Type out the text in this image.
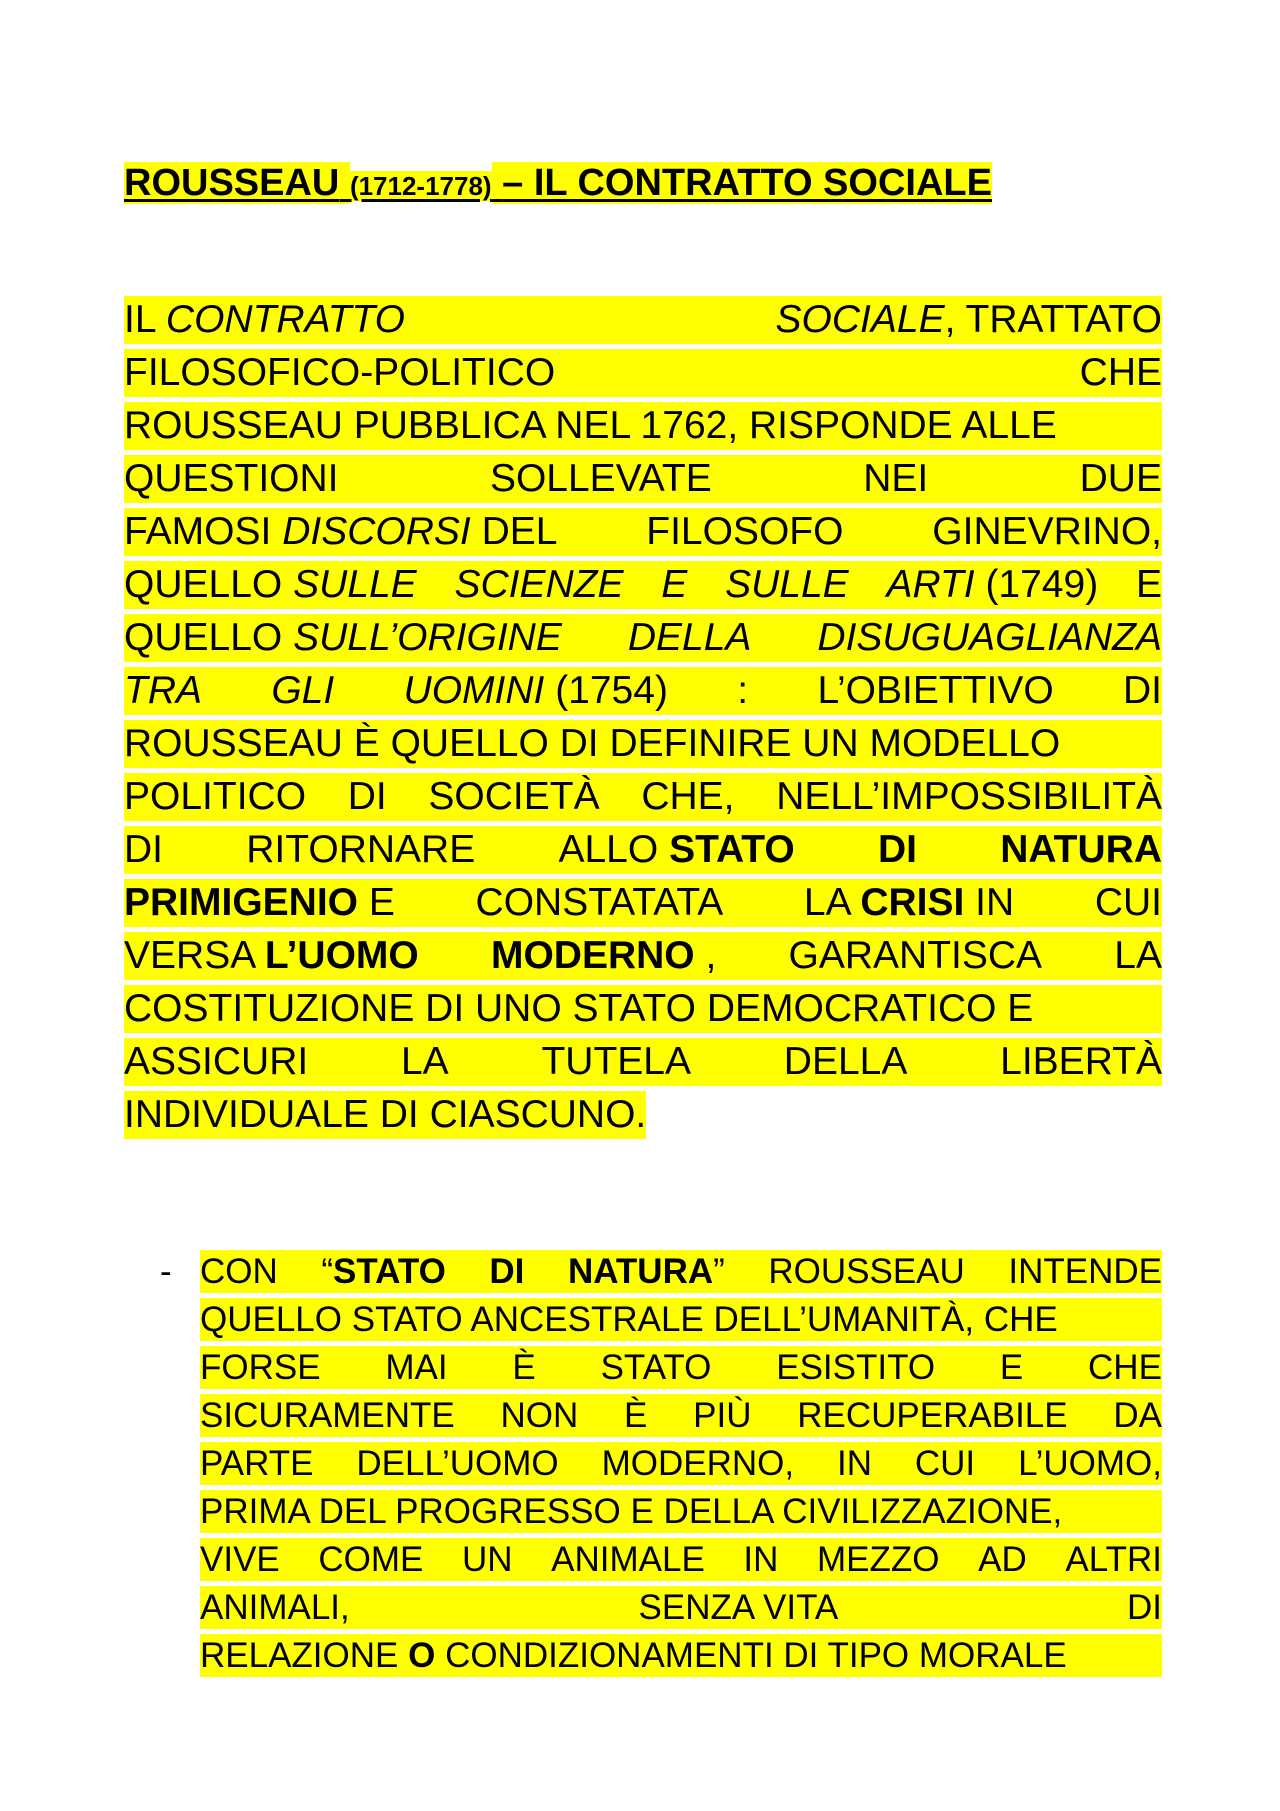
ROUSSEAU (1712-1778) – IL CONTRATTO SOCIALE
IL CONTRATTO	SOCIALE, TRATTATO
FILOSOFICO-POLITICO	CHE
ROUSSEAU PUBBLICA NEL 1762, RISPONDE ALLE
QUESTIONI	SOLLEVATE	NEI	DUE
FAMOSI DISCORSI DEL FILOSOFO GINEVRINO,
QUELLO SULLE SCIENZE E SULLE ARTI (1749) E
QUELLO SULL’ORIGINE DELLA DISUGUAGLIANZA
TRA GLI UOMINI (1754) : L’OBIETTIVO DI
ROUSSEAU È QUELLO DI DEFINIRE UN MODELLO
POLITICO DI SOCIETÀ CHE, NELL’IMPOSSIBILITÀ
DI RITORNARE ALLO STATO DI NATURA
PRIMIGENIO E CONSTATATA LA CRISI IN CUI
VERSA L’UOMO MODERNO , GARANTISCA LA
COSTITUZIONE DI UNO STATO DEMOCRATICO E
ASSICURI LA TUTELA DELLA LIBERTÀ
INDIVIDUALE DI CIASCUNO.
- CON “STATO DI NATURA” ROUSSEAU INTENDE
QUELLO STATO ANCESTRALE DELL’UMANITÀ, CHE
FORSE MAI È STATO ESISTITO E CHE
SICURAMENTE NON È PIÙ RECUPERABILE DA
PARTE DELL’UOMO MODERNO, IN CUI L’UOMO,
PRIMA DEL PROGRESSO E DELLA CIVILIZZAZIONE,
VIVE COME UN ANIMALE IN MEZZO AD ALTRI
ANIMALI,	SENZA VITA	DI
RELAZIONE O CONDIZIONAMENTI DI TIPO MORALE
